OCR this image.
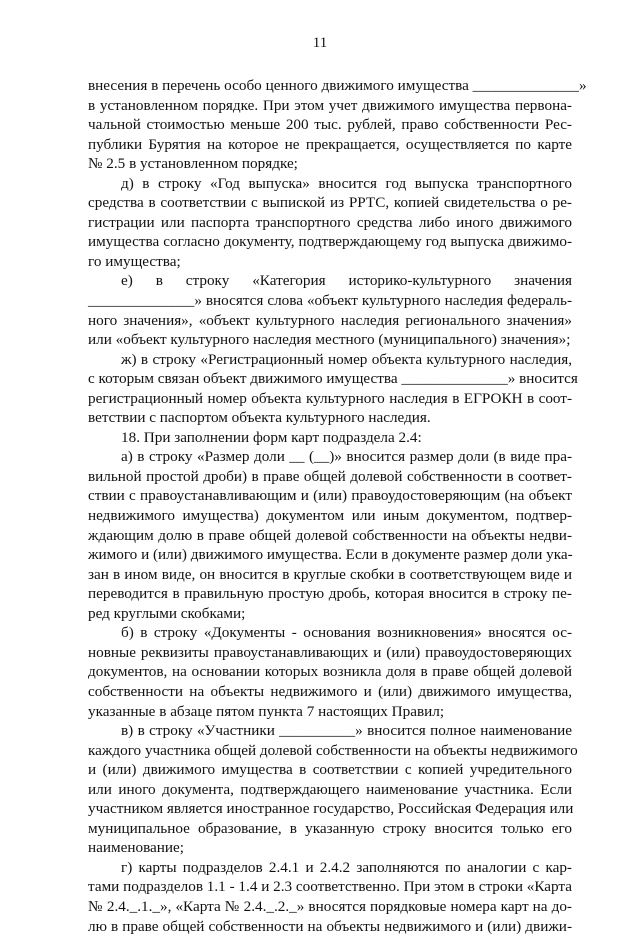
11
внесения в перечень особо ценного движимого имущества ______________»
в установленном порядке. При этом учет движимого имущества первона-
чальной стоимостью меньше 200 тыс. рублей, право собственности Рес-
публики Бурятия на которое не прекращается, осуществляется по карте
№ 2.5 в установленном порядке;
д) в строку «Год выпуска» вносится год выпуска транспортного
средства в соответствии с выпиской из РРТС, копией свидетельства о ре-
гистрации или паспорта транспортного средства либо иного движимого
имущества согласно документу, подтверждающему год выпуска движимо-
го имущества;
е) в строку «Категория историко-культурного значения
______________» вносятся слова «объект культурного наследия федераль-
ного значения», «объект культурного наследия регионального значения»
или «объект культурного наследия местного (муниципального) значения»;
ж) в строку «Регистрационный номер объекта культурного наследия,
с которым связан объект движимого имущества ______________» вносится
регистрационный номер объекта культурного наследия в ЕГРОКН в соот-
ветствии с паспортом объекта культурного наследия.
18. При заполнении форм карт подраздела 2.4:
а) в строку «Размер доли __ (__)» вносится размер доли (в виде пра-
вильной простой дроби) в праве общей долевой собственности в соответ-
ствии с правоустанавливающим и (или) правоудостоверяющим (на объект
недвижимого имущества) документом или иным документом, подтвер-
ждающим долю в праве общей долевой собственности на объекты недви-
жимого и (или) движимого имущества. Если в документе размер доли ука-
зан в ином виде, он вносится в круглые скобки в соответствующем виде и
переводится в правильную простую дробь, которая вносится в строку пе-
ред круглыми скобками;
б) в строку «Документы - основания возникновения» вносятся ос-
новные реквизиты правоустанавливающих и (или) правоудостоверяющих
документов, на основании которых возникла доля в праве общей долевой
собственности на объекты недвижимого и (или) движимого имущества,
указанные в абзаце пятом пункта 7 настоящих Правил;
в) в строку «Участники __________» вносится полное наименование
каждого участника общей долевой собственности на объекты недвижимого
и (или) движимого имущества в соответствии с копией учредительного
или иного документа, подтверждающего наименование участника. Если
участником является иностранное государство, Российская Федерация или
муниципальное образование, в указанную строку вносится только его
наименование;
г) карты подразделов 2.4.1 и 2.4.2 заполняются по аналогии с кар-
тами подразделов 1.1 - 1.4 и 2.3 соответственно. При этом в строки «Карта
№ 2.4._.1._», «Карта № 2.4._.2._» вносятся порядковые номера карт на до-
лю в праве общей собственности на объекты недвижимого и (или) движи-
